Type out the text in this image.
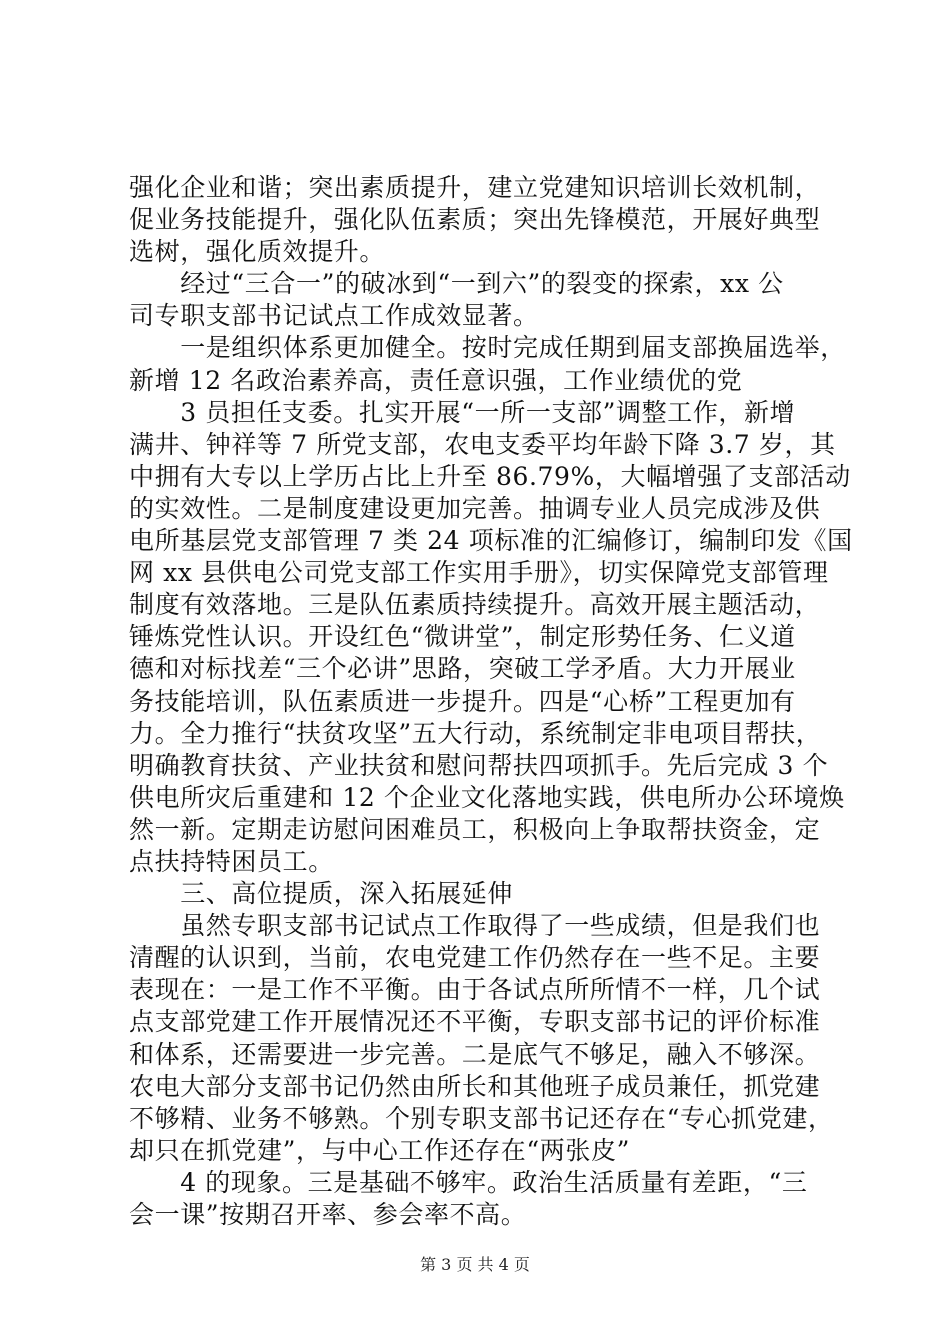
强化企业和谐；突出素质提升，建立党建知识培训长效机制，
促业务技能提升，强化队伍素质；突出先锋模范，开展好典型
选树，强化质效提升。
　　经过“三合一”的破冰到“一到六”的裂变的探索，xx 公
司专职支部书记试点工作成效显著。
　　一是组织体系更加健全。按时完成任期到届支部换届选举，
新增 12 名政治素养高，责任意识强，工作业绩优的党
　　3 员担任支委。扎实开展“一所一支部”调整工作，新增
满井、钟祥等 7 所党支部，农电支委平均年龄下降 3.7 岁，其
中拥有大专以上学历占比上升至 86.79%，大幅增强了支部活动
的实效性。二是制度建设更加完善。抽调专业人员完成涉及供
电所基层党支部管理 7 类 24 项标准的汇编修订，编制印发《国
网 xx 县供电公司党支部工作实用手册》，切实保障党支部管理
制度有效落地。三是队伍素质持续提升。高效开展主题活动，
锤炼党性认识。开设红色“微讲堂”，制定形势任务、仁义道
德和对标找差“三个必讲”思路，突破工学矛盾。大力开展业
务技能培训，队伍素质进一步提升。四是“心桥”工程更加有
力。全力推行“扶贫攻坚”五大行动，系统制定非电项目帮扶，
明确教育扶贫、产业扶贫和慰问帮扶四项抓手。先后完成 3 个
供电所灾后重建和 12 个企业文化落地实践，供电所办公环境焕
然一新。定期走访慰问困难员工，积极向上争取帮扶资金，定
点扶持特困员工。
　　三、高位提质，深入拓展延伸
　　虽然专职支部书记试点工作取得了一些成绩，但是我们也
清醒的认识到，当前，农电党建工作仍然存在一些不足。主要
表现在：一是工作不平衡。由于各试点所所情不一样，几个试
点支部党建工作开展情况还不平衡，专职支部书记的评价标准
和体系，还需要进一步完善。二是底气不够足，融入不够深。
农电大部分支部书记仍然由所长和其他班子成员兼任，抓党建
不够精、业务不够熟。个别专职支部书记还存在“专心抓党建，
却只在抓党建”，与中心工作还存在“两张皮”
　　4 的现象。三是基础不够牢。政治生活质量有差距，“三
会一课”按期召开率、参会率不高。
第 3 页 共 4 页
